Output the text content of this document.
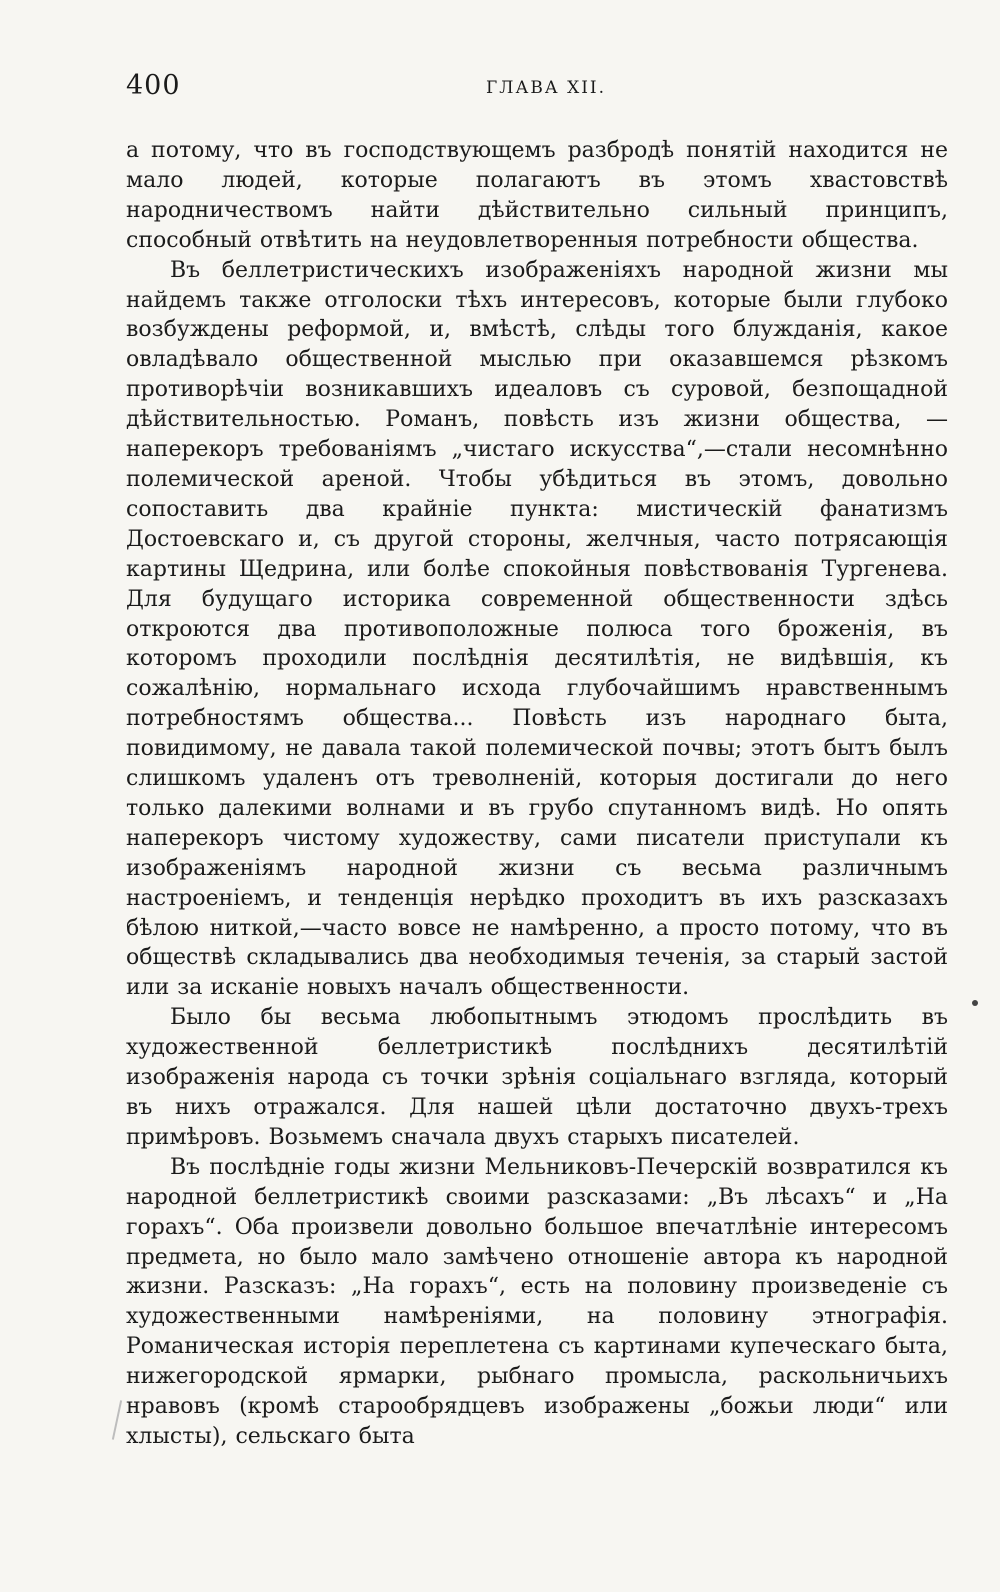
400	ГЛАВА XII.

а потому, что въ господствующемъ разбродѣ понятій находится не мало людей, которые полагаютъ въ этомъ хвастовствѣ народничествомъ найти дѣйствительно сильный принципъ, способный отвѣтить на неудовлетворенныя потребности общества.

Въ беллетристическихъ изображеніяхъ народной жизни мы найдемъ также отголоски тѣхъ интересовъ, которые были глубоко возбуждены реформой, и, вмѣстѣ, слѣды того блужданія, какое овладѣвало общественной мыслью при оказавшемся рѣзкомъ противорѣчіи возникавшихъ идеаловъ съ суровой, безпощадной дѣйствительностью. Романъ, повѣсть изъ жизни общества, — наперекоръ требованіямъ „чистаго искусства“,—стали несомнѣнно полемической ареной. Чтобы убѣдиться въ этомъ, довольно сопоставить два крайніе пункта: мистическій фанатизмъ Достоевскаго и, съ другой стороны, желчныя, часто потрясающія картины Щедрина, или болѣе спокойныя повѣствованія Тургенева. Для будущаго историка современной общественности здѣсь откроются два противоположные полюса того броженія, въ которомъ проходили послѣднія десятилѣтія, не видѣвшія, къ сожалѣнію, нормальнаго исхода глубочайшимъ нравственнымъ потребностямъ общества... Повѣсть изъ народнаго быта, повидимому, не давала такой полемической почвы; этотъ бытъ былъ слишкомъ удаленъ отъ треволненій, которыя достигали до него только далекими волнами и въ грубо спутанномъ видѣ. Но опять наперекоръ чистому художеству, сами писатели приступали къ изображеніямъ народной жизни съ весьма различнымъ настроеніемъ, и тенденція нерѣдко проходитъ въ ихъ разсказахъ бѣлою ниткой,—часто вовсе не намѣренно, а просто потому, что въ обществѣ складывались два необходимыя теченія, за старый застой или за исканіе новыхъ началъ общественности.

Было бы весьма любопытнымъ этюдомъ прослѣдить въ художественной беллетристикѣ послѣднихъ десятилѣтій изображенія народа съ точки зрѣнія соціальнаго взгляда, который въ нихъ отражался. Для нашей цѣли достаточно двухъ-трехъ примѣровъ. Возьмемъ сначала двухъ старыхъ писателей.

Въ послѣдніе годы жизни Мельниковъ-Печерскій возвратился къ народной беллетристикѣ своими разсказами: „Въ лѣсахъ“ и „На горахъ“. Оба произвели довольно большое впечатлѣніе интересомъ предмета, но было мало замѣчено отношеніе автора къ народной жизни. Разсказъ: „На горахъ“, есть на половину произведеніе съ художественными намѣреніями, на половину этнографія. Романическая исторія переплетена съ картинами купеческаго быта, нижегородской ярмарки, рыбнаго промысла, раскольничьихъ нравовъ (кромѣ старообрядцевъ изображены „божьи люди“ или хлысты), сельскаго быта
